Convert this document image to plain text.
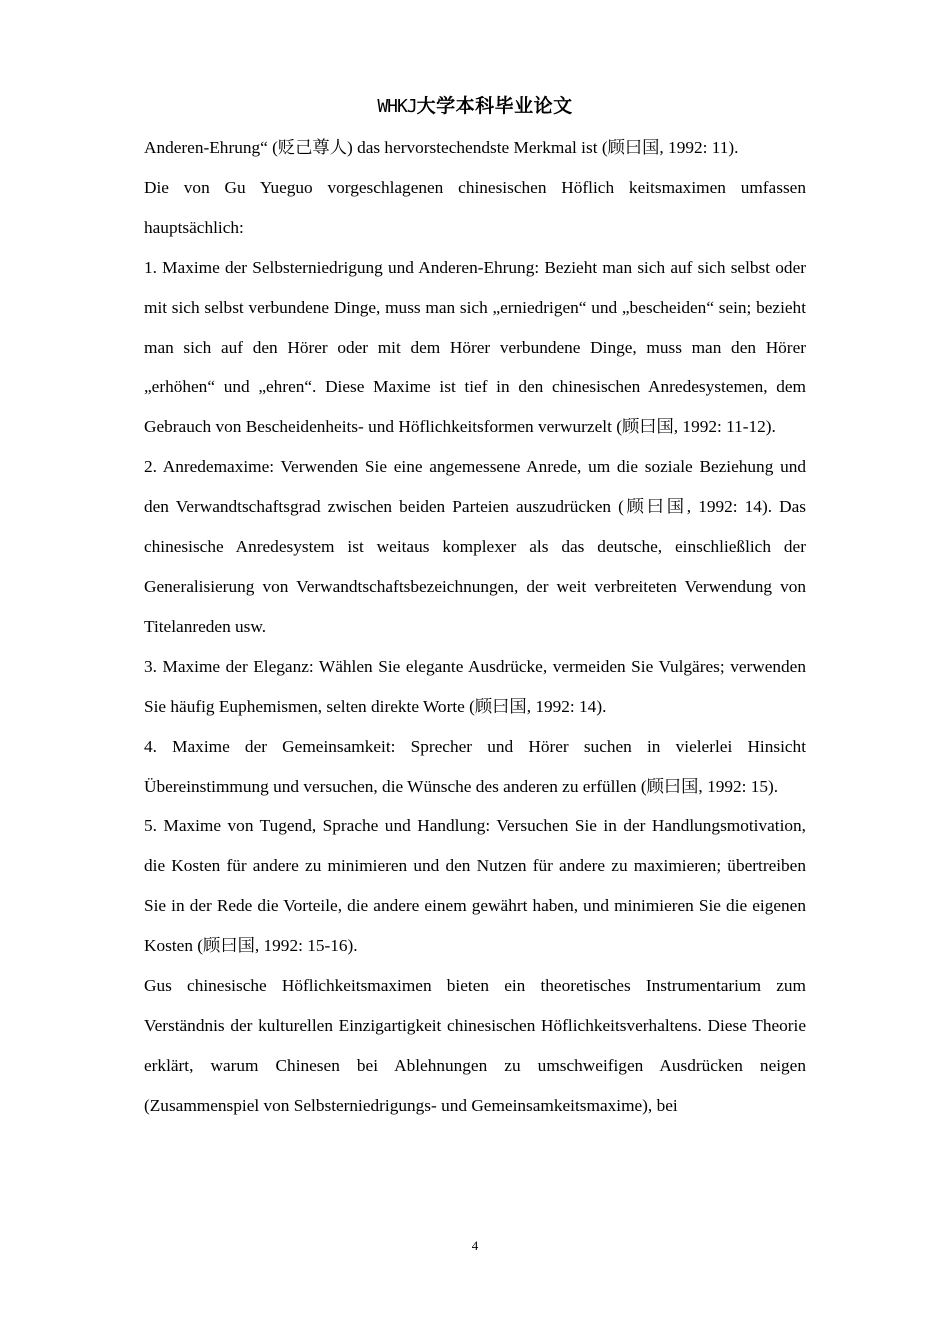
WHKJ大学本科毕业论文

Anderen-Ehrung“ (贬己尊人) das hervorstechendste Merkmal ist (顾曰国, 1992: 11).

Die von Gu Yueguo vorgeschlagenen chinesischen Höflich keitsmaximen umfassen hauptsächlich:

1. Maxime der Selbsterniedrigung und Anderen-Ehrung: Bezieht man sich auf sich selbst oder mit sich selbst verbundene Dinge, muss man sich „erniedrigen“ und „bescheiden“ sein; bezieht man sich auf den Hörer oder mit dem Hörer verbundene Dinge, muss man den Hörer „erhöhen“ und „ehren“. Diese Maxime ist tief in den chinesischen Anredesystemen, dem Gebrauch von Bescheidenheits- und Höflichkeitsformen verwurzelt (顾曰国, 1992: 11-12).

2. Anredemaxime: Verwenden Sie eine angemessene Anrede, um die soziale Beziehung und den Verwandtschaftsgrad zwischen beiden Parteien auszudrücken (顾曰国, 1992: 14). Das chinesische Anredesystem ist weitaus komplexer als das deutsche, einschließlich der Generalisierung von Verwandtschaftsbezeichnungen, der weit verbreiteten Verwendung von Titelanreden usw.

3. Maxime der Eleganz: Wählen Sie elegante Ausdrücke, vermeiden Sie Vulgäres; verwenden Sie häufig Euphemismen, selten direkte Worte (顾曰国, 1992: 14).

4. Maxime der Gemeinsamkeit: Sprecher und Hörer suchen in vielerlei Hinsicht Übereinstimmung und versuchen, die Wünsche des anderen zu erfüllen (顾曰国, 1992: 15).

5. Maxime von Tugend, Sprache und Handlung: Versuchen Sie in der Handlungsmotivation, die Kosten für andere zu minimieren und den Nutzen für andere zu maximieren; übertreiben Sie in der Rede die Vorteile, die andere einem gewährt haben, und minimieren Sie die eigenen Kosten (顾曰国, 1992: 15-16).

Gus chinesische Höflichkeitsmaximen bieten ein theoretisches Instrumentarium zum Verständnis der kulturellen Einzigartigkeit chinesischen Höflichkeitsverhaltens. Diese Theorie erklärt, warum Chinesen bei Ablehnungen zu umschweifigen Ausdrücken neigen (Zusammenspiel von Selbsterniedrigungs- und Gemeinsamkeitsmaxime), bei

4
